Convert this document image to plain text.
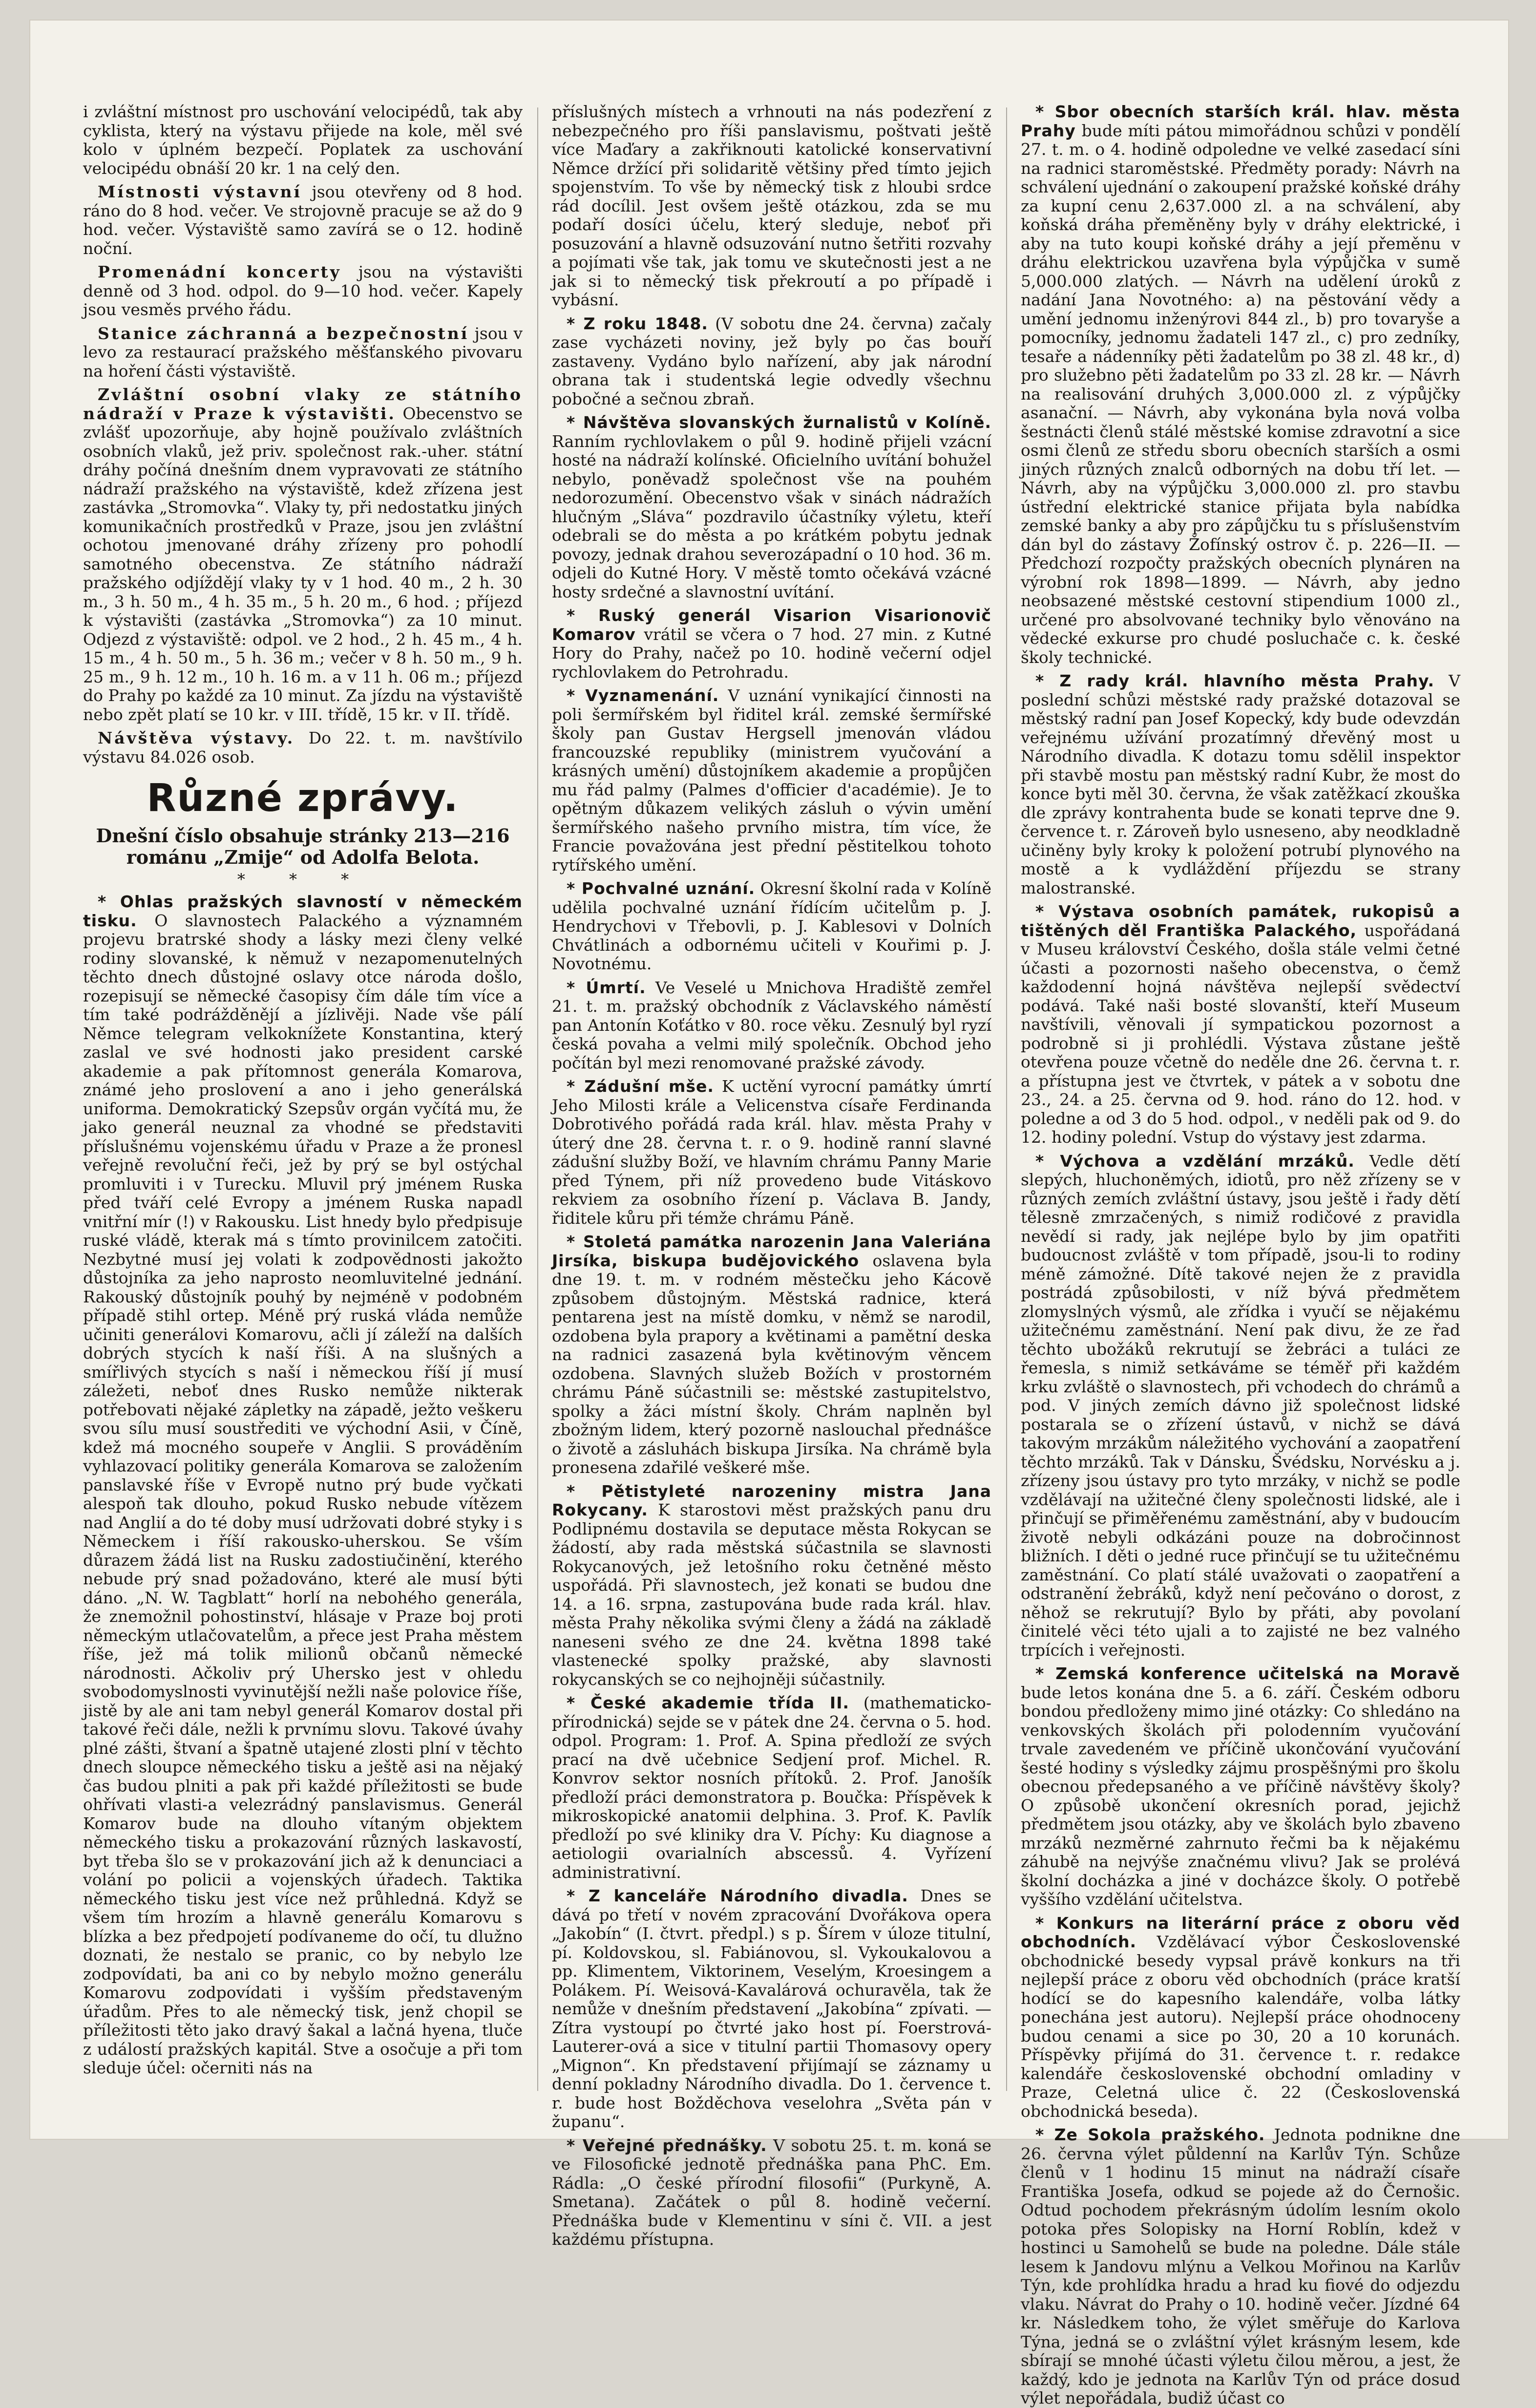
i zvláštní místnost pro uschování velocipédů, tak aby cyklista, který na výstavu přijede na kole, měl své kolo v úplném bezpečí. Poplatek za uschování velocipédu obnáší 20 kr. 1 na celý den.

Místnosti výstavní jsou otevřeny od 8 hod. ráno do 8 hod. večer. Ve strojovně pracuje se až do 9 hod. večer. Výstaviště samo zavírá se o 12. hodině noční.

Promenádní koncerty jsou na výstavišti denně od 3 hod. odpol. do 9—10 hod. večer. Kapely jsou vesměs prvého řádu.

Stanice záchranná a bezpečnostní jsou v levo za restaurací pražského měšťanského pivovaru na hoření části výstaviště.

Zvláštní osobní vlaky ze státního nádraží v Praze k výstavišti. Obecenstvo se zvlášť upozorňuje, aby hojně používalo zvláštních osobních vlaků, jež priv. společnost rak.-uher. státní dráhy počíná dnešním dnem vypravovati ze státního nádraží pražského na výstaviště, kdež zřízena jest zastávka „Stromovka“. Vlaky ty, při nedostatku jiných komunikačních prostředků v Praze, jsou jen zvláštní ochotou jmenované dráhy zřízeny pro pohodlí samotného obecenstva. Ze státního nádraží pražského odjíždějí vlaky ty v 1 hod. 40 m., 2 h. 30 m., 3 h. 50 m., 4 h. 35 m., 5 h. 20 m., 6 hod. ; příjezd k výstavišti (zastávka „Stromovka“) za 10 minut. Odjezd z výstaviště: odpol. ve 2 hod., 2 h. 45 m., 4 h. 15 m., 4 h. 50 m., 5 h. 36 m.; večer v 8 h. 50 m., 9 h. 25 m., 9 h. 12 m., 10 h. 16 m. a v 11 h. 06 m.; příjezd do Prahy po každé za 10 minut. Za jízdu na výstaviště nebo zpět platí se 10 kr. v III. třídě, 15 kr. v II. třídě.

Návštěva výstavy. Do 22. t. m. navštívilo výstavu 84.026 osob.

Různé zprávy.

Dnešní číslo obsahuje stránky 213—216 románu „Zmije“ od Adolfa Belota.

* * *

* Ohlas pražských slavností v německém tisku. O slavnostech Palackého a významném projevu bratrské shody a lásky mezi členy velké rodiny slovanské, k němuž v nezapomenutelných těchto dnech důstojné oslavy otce národa došlo, rozepisují se německé časopisy čím dále tím více a tím také podrážděnějí a jízlivěji. Nade vše pálí Němce telegram velkoknížete Konstantina, který zaslal ve své hodnosti jako president carské akademie a pak přítomnost generála Komarova, známé jeho proslovení a ano i jeho generálská uniforma. Demokratický Szepsův orgán vyčítá mu, že jako generál neuznal za vhodné se představiti příslušnému vojenskému úřadu v Praze a že pronesl veřejně revoluční řeči, jež by prý se byl ostýchal promluviti i v Turecku. Mluvil prý jménem Ruska před tváří celé Evropy a jménem Ruska napadl vnitřní mír (!) v Rakousku. List hnedy bylo předpisuje ruské vládě, kterak má s tímto provinilcem zatočiti. Nezbytné musí jej volati k zodpovědnosti jakožto důstojníka za jeho naprosto neomluvitelné jednání. Rakouský důstojník pouhý by nejméně v podobném případě stihl ortep. Méně prý ruská vláda nemůže učiniti generálovi Komarovu, ačli jí záleží na dalších dobrých stycích k naší říši. A na slušných a smířlivých stycích s naší i německou říší jí musí záležeti, neboť dnes Rusko nemůže nikterak potřebovati nějaké zápletky na západě, ježto veškeru svou sílu musí soustřediti ve východní Asii, v Číně, kdež má mocného soupeře v Anglii. S prováděním vyhlazovací politiky generála Komarova se založením panslavské říše v Evropě nutno prý bude vyčkati alespoň tak dlouho, pokud Rusko nebude vítězem nad Anglií a do té doby musí udržovati dobré styky i s Německem i říší rakousko-uherskou. Se vším důrazem žádá list na Rusku zadostiučinění, kterého nebude prý snad požadováno, které ale musí býti dáno. „N. W. Tagblatt“ horlí na nebohého generála, že znemožnil pohostinství, hlásaje v Praze boj proti německým utlačovatelům, a přece jest Praha městem říše, jež má tolik milionů občanů německé národnosti. Ačkoliv prý Uhersko jest v ohledu svobodomyslnosti vyvinutější nežli naše polovice říše, jistě by ale ani tam nebyl generál Komarov dostal při takové řeči dále, nežli k prvnímu slovu. Takové úvahy plné zášti, štvaní a špatně utajené zlosti plní v těchto dnech sloupce německého tisku a ještě asi na nějaký čas budou plniti a pak při každé příležitosti se bude ohřívati vlasti-a velezrádný panslavismus. Generál Komarov bude na dlouho vítaným objektem německého tisku a prokazování různých laskavostí, byt třeba šlo se v prokazování jich až k denunciaci a volání po policii a vojenských úřadech. Taktika německého tisku jest více než průhledná. Když se všem tím hrozím a hlavně generálu Komarovu s blízka a bez předpojetí podívaneme do očí, tu dlužno doznati, že nestalo se pranic, co by nebylo lze zodpovídati, ba ani co by nebylo možno generálu Komarovu zodpovídati i vyšším představeným úřadům. Přes to ale německý tisk, jenž chopil se příležitosti těto jako dravý šakal a lačná hyena, tluče z událostí pražských kapitál. Stve a osočuje a při tom sleduje účel: očerniti nás na

příslušných místech a vrhnouti na nás podezření z nebezpečného pro říši panslavismu, poštvati ještě více Maďary a zakřiknouti katolické konservativní Němce držící při solidaritě většiny před tímto jejich spojenstvím. To vše by německý tisk z hloubi srdce rád docílil. Jest ovšem ještě otázkou, zda se mu podaří dosíci účelu, který sleduje, neboť při posuzování a hlavně odsuzování nutno šetřiti rozvahy a pojímati vše tak, jak tomu ve skutečnosti jest a ne jak si to německý tisk překroutí a po případě i vybásní.

* Z roku 1848. (V sobotu dne 24. června) začaly zase vycházeti noviny, jež byly po čas bouří zastaveny. Vydáno bylo nařízení, aby jak národní obrana tak i studentská legie odvedly všechnu pobočné a sečnou zbraň.

* Návštěva slovanských žurnalistů v Kolíně. Ranním rychlovlakem o půl 9. hodině přijeli vzácní hosté na nádraží kolínské. Oficielního uvítání bohužel nebylo, poněvadž společnost vše na pouhém nedorozumění. Obecenstvo však v sinách nádražích hlučným „Sláva“ pozdravilo účastníky výletu, kteří odebrali se do města a po krátkém pobytu jednak povozy, jednak drahou severozápadní o 10 hod. 36 m. odjeli do Kutné Hory. V městě tomto očekává vzácné hosty srdečné a slavnostní uvítání.

* Ruský generál Visarion Visarionovič Komarov vrátil se včera o 7 hod. 27 min. z Kutné Hory do Prahy, načež po 10. hodině večerní odjel rychlovlakem do Petrohradu.

* Vyznamenání. V uznání vynikající činnosti na poli šermířském byl řiditel král. zemské šermířské školy pan Gustav Hergsell jmenován vládou francouzské republiky (ministrem vyučování a krásných umění) důstojníkem akademie a propůjčen mu řád palmy (Palmes d'officier d'académie). Je to opětným důkazem velikých zásluh o vývin umění šermířského našeho prvního mistra, tím více, že Francie považována jest přední pěstitelkou tohoto rytířského umění.

* Pochvalné uznání. Okresní školní rada v Kolíně udělila pochvalné uznání řídícím učitelům p. J. Hendrychovi v Třebovli, p. J. Kablesovi v Dolních Chvátlinách a odbornému učiteli v Kouřimi p. J. Novotnému.

* Úmrtí. Ve Veselé u Mnichova Hradiště zemřel 21. t. m. pražský obchodník z Václavského náměstí pan Antonín Koťátko v 80. roce věku. Zesnulý byl ryzí česká povaha a velmi milý společník. Obchod jeho počítán byl mezi renomované pražské závody.

* Zádušní mše. K uctění vyrocní památky úmrtí Jeho Milosti krále a Velicenstva císaře Ferdinanda Dobrotivého pořádá rada král. hlav. města Prahy v úterý dne 28. června t. r. o 9. hodině ranní slavné zádušní služby Boží, ve hlavním chrámu Panny Marie před Týnem, při níž provedeno bude Vitáskovo rekviem za osobního řízení p. Václava B. Jandy, řiditele kůru při témže chrámu Páně.

* Stoletá památka narozenin Jana Valeriána Jirsíka, biskupa budějovického oslavena byla dne 19. t. m. v rodném městečku jeho Kácově způsobem důstojným. Městská radnice, která pentarena jest na místě domku, v němž se narodil, ozdobena byla prapory a květinami a pamětní deska na radnici zasazená byla květinovým věncem ozdobena. Slavných služeb Božích v prostorném chrámu Páně súčastnili se: městské zastupitelstvo, spolky a žáci místní školy. Chrám naplněn byl zbožným lidem, který pozorně naslouchal přednášce o životě a zásluhách biskupa Jirsíka. Na chrámě byla pronesena zdařilé veškeré mše.

* Pětistyleté narozeniny mistra Jana Rokycany. K starostovi měst pražských panu dru Podlipnému dostavila se deputace města Rokycan se žádostí, aby rada městská súčastnila se slavnosti Rokycanových, jež letošního roku četněné město uspořádá. Při slavnostech, jež konati se budou dne 14. a 16. srpna, zastupována bude rada král. hlav. města Prahy několika svými členy a žádá na základě naneseni svého ze dne 24. května 1898 také vlastenecké spolky pražské, aby slavnosti rokycanských se co nejhojněji súčastnily.

* České akademie třída II. (mathematicko-přírodnická) sejde se v pátek dne 24. června o 5. hod. odpol. Program: 1. Prof. A. Spina předloží ze svých prací na dvě učebnice Sedjení prof. Michel. R. Konvrov sektor nosních přítoků. 2. Prof. Janošík předloží práci demonstratora p. Boučka: Příspěvek k mikroskopické anatomii delphina. 3. Prof. K. Pavlík předloží po své kliniky dra V. Píchy: Ku diagnose a aetiologii ovarialních abscessů. 4. Vyřízení administrativní.

* Z kanceláře Národního divadla. Dnes se dává po třetí v novém zpracování Dvořákova opera „Jakobín“ (I. čtvrt. předpl.) s p. Šírem v úloze titulní, pí. Koldovskou, sl. Fabiánovou, sl. Vykoukalovou a pp. Klimentem, Viktorinem, Veselým, Kroesingem a Polákem. Pí. Weisová-Kavalárová ochuravěla, tak že nemůže v dnešním představení „Jakobína“ zpívati. — Zítra vystoupí po čtvrté jako host pí. Foerstrová-Lauterer-ová a sice v titulní partii Thomasovy opery „Mignon“. Kn představení přijímají se záznamy u denní pokladny Národního divadla. Do 1. července t. r. bude host Božděchova veselohra „Světa pán v županu“.

* Veřejné přednášky. V sobotu 25. t. m. koná se ve Filosofické jednotě přednáška pana PhC. Em. Rádla: „O české přírodní filosofii“ (Purkyně, A. Smetana). Začátek o půl 8. hodině večerní. Přednáška bude v Klementinu v síni č. VII. a jest každému přístupna.

* Sbor obecních starších král. hlav. města Prahy bude míti pátou mimořádnou schůzi v pondělí 27. t. m. o 4. hodině odpoledne ve velké zasedací síni na radnici staroměstské. Předměty porady: Návrh na schválení ujednání o zakoupení pražské koňské dráhy za kupní cenu 2,637.000 zl. a na schválení, aby koňská dráha přeměněny byly v dráhy elektrické, i aby na tuto koupi koňské dráhy a její přeměnu v dráhu elektrickou uzavřena byla výpůjčka v sumě 5,000.000 zlatých. — Návrh na udělení úroků z nadání Jana Novotného: a) na pěstování vědy a umění jednomu inženýrovi 844 zl., b) pro tovaryše a pomocníky, jednomu žadateli 147 zl., c) pro zedníky, tesaře a nádenníky pěti žadatelům po 38 zl. 48 kr., d) pro služebno pěti žadatelům po 33 zl. 28 kr. — Návrh na realisování druhých 3,000.000 zl. z výpůjčky asanační. — Návrh, aby vykonána byla nová volba šestnácti členů stálé městské komise zdravotní a sice osmi členů ze středu sboru obecních starších a osmi jiných různých znalců odborných na dobu tří let. — Návrh, aby na výpůjčku 3,000.000 zl. pro stavbu ústřední elektrické stanice přijata byla nabídka zemské banky a aby pro zápůjčku tu s příslušenstvím dán byl do zástavy Žofínský ostrov č. p. 226—II. — Předchozí rozpočty pražských obecních plynáren na výrobní rok 1898—1899. — Návrh, aby jedno neobsazené městské cestovní stipendium 1000 zl., určené pro absolvované techniky bylo věnováno na vědecké exkurse pro chudé posluchače c. k. české školy technické.

* Z rady král. hlavního města Prahy. V poslední schůzi městské rady pražské dotazoval se městský radní pan Josef Kopecký, kdy bude odevzdán veřejnému užívání prozatímný dřevěný most u Národního divadla. K dotazu tomu sdělil inspektor při stavbě mostu pan městský radní Kubr, že most do konce byti měl 30. června, že však zatěžkací zkouška dle zprávy kontrahenta bude se konati teprve dne 9. července t. r. Zároveň bylo usneseno, aby neodkladně učiněny byly kroky k položení potrubí plynového na mostě a k vydláždění příjezdu se strany malostranské.

* Výstava osobních památek, rukopisů a tištěných děl Františka Palackého, uspořádaná v Museu království Českého, došla stále velmi četné účasti a pozornosti našeho obecenstva, o čemž každodenní hojná návštěva nejlepší svědectví podává. Také naši bosté slovanští, kteří Museum navštívili, věnovali jí sympatickou pozornost a podrobně si ji prohlédli. Výstava zůstane ještě otevřena pouze včetně do neděle dne 26. června t. r. a přístupna jest ve čtvrtek, v pátek a v sobotu dne 23., 24. a 25. června od 9. hod. ráno do 12. hod. v poledne a od 3 do 5 hod. odpol., v neděli pak od 9. do 12. hodiny polední. Vstup do výstavy jest zdarma.

* Výchova a vzdělání mrzáků. Vedle dětí slepých, hluchoněmých, idiotů, pro něž zřízeny se v různých zemích zvláštní ústavy, jsou ještě i řady dětí tělesně zmrzačených, s nimiž rodičové z pravidla nevědí si rady, jak nejlépe bylo by jim opatřiti budoucnost zvláště v tom případě, jsou-li to rodiny méně zámožné. Dítě takové nejen že z pravidla postrádá způsobilosti, v níž bývá předmětem zlomyslných výsmů, ale zřídka i vyučí se nějakému užitečnému zaměstnání. Není pak divu, že ze řad těchto ubožáků rekrutují se žebráci a tuláci ze řemesla, s nimiž setkáváme se téměř při každém krku zvláště o slavnostech, při vchodech do chrámů a pod. V jiných zemích dávno již společnost lidské postarala se o zřízení ústavů, v nichž se dává takovým mrzákům náležitého vychování a zaopatření těchto mrzáků. Tak v Dánsku, Švédsku, Norvésku a j. zřízeny jsou ústavy pro tyto mrzáky, v nichž se podle vzdělávají na užitečné členy společnosti lidské, ale i přinčují se přiměřenému zaměstnání, aby v budoucím životě nebyli odkázáni pouze na dobročinnost bližních. I děti o jedné ruce přinčují se tu užitečnému zaměstnání. Co platí stálé uvažovati o zaopatření a odstranění žebráků, když není pečováno o dorost, z něhož se rekrutují? Bylo by přáti, aby povolaní činitelé věci této ujali a to zajisté ne bez valného trpících i veřejnosti.

* Zemská konference učitelská na Moravě bude letos konána dne 5. a 6. září. Českém odboru bondou předloženy mimo jiné otázky: Co shledáno na venkovských školách při polodenním vyučování trvale zavedeném ve příčině ukončování vyučování šesté hodiny s výsledky zájmu prospěšnými pro školu obecnou předepsaného a ve příčině návštěvy školy? O způsobě ukončení okresních porad, jejichž předmětem jsou otázky, aby ve školách bylo zbaveno mrzáků nezměrné zahrnuto řečmi ba k nějakému záhubě na nejvýše značnému vlivu? Jak se prolévá školní docházka a jiné v docházce školy. O potřebě vyššího vzdělání učitelstva.

* Konkurs na literární práce z oboru věd obchodních. Vzdělávací výbor Československé obchodnické besedy vypsal právě konkurs na tři nejlepší práce z oboru věd obchodních (práce kratší hodící se do kapesního kalendáře, volba látky ponechána jest autoru). Nejlepší práce ohodnoceny budou cenami a sice po 30, 20 a 10 korunách. Příspěvky přijímá do 31. července t. r. redakce kalendáře československé obchodní omladiny v Praze, Celetná ulice č. 22 (Československá obchodnická beseda).

* Ze Sokola pražského. Jednota podnikne dne 26. června výlet půldenní na Karlův Týn. Schůze členů v 1 hodinu 15 minut na nádraží císaře Františka Josefa, odkud se pojede až do Černošic. Odtud pochodem překrásným údolím lesním okolo potoka přes Solopisky na Horní Roblín, kdež v hostinci u Samohelů se bude na poledne. Dále stále lesem k Jandovu mlýnu a Velkou Mořinou na Karlův Týn, kde prohlídka hradu a hrad ku fiové do odjezdu vlaku. Návrat do Prahy o 10. hodině večer. Jízdné 64 kr. Následkem toho, že výlet směřuje do Karlova Týna, jedná se o zvláštní výlet krásným lesem, kde sbírají se mnohé účasti výletu čilou měrou, a jest, že každý, kdo je jednota na Karlův Týn od práce dosud výlet nepořádala, budiž účast co
